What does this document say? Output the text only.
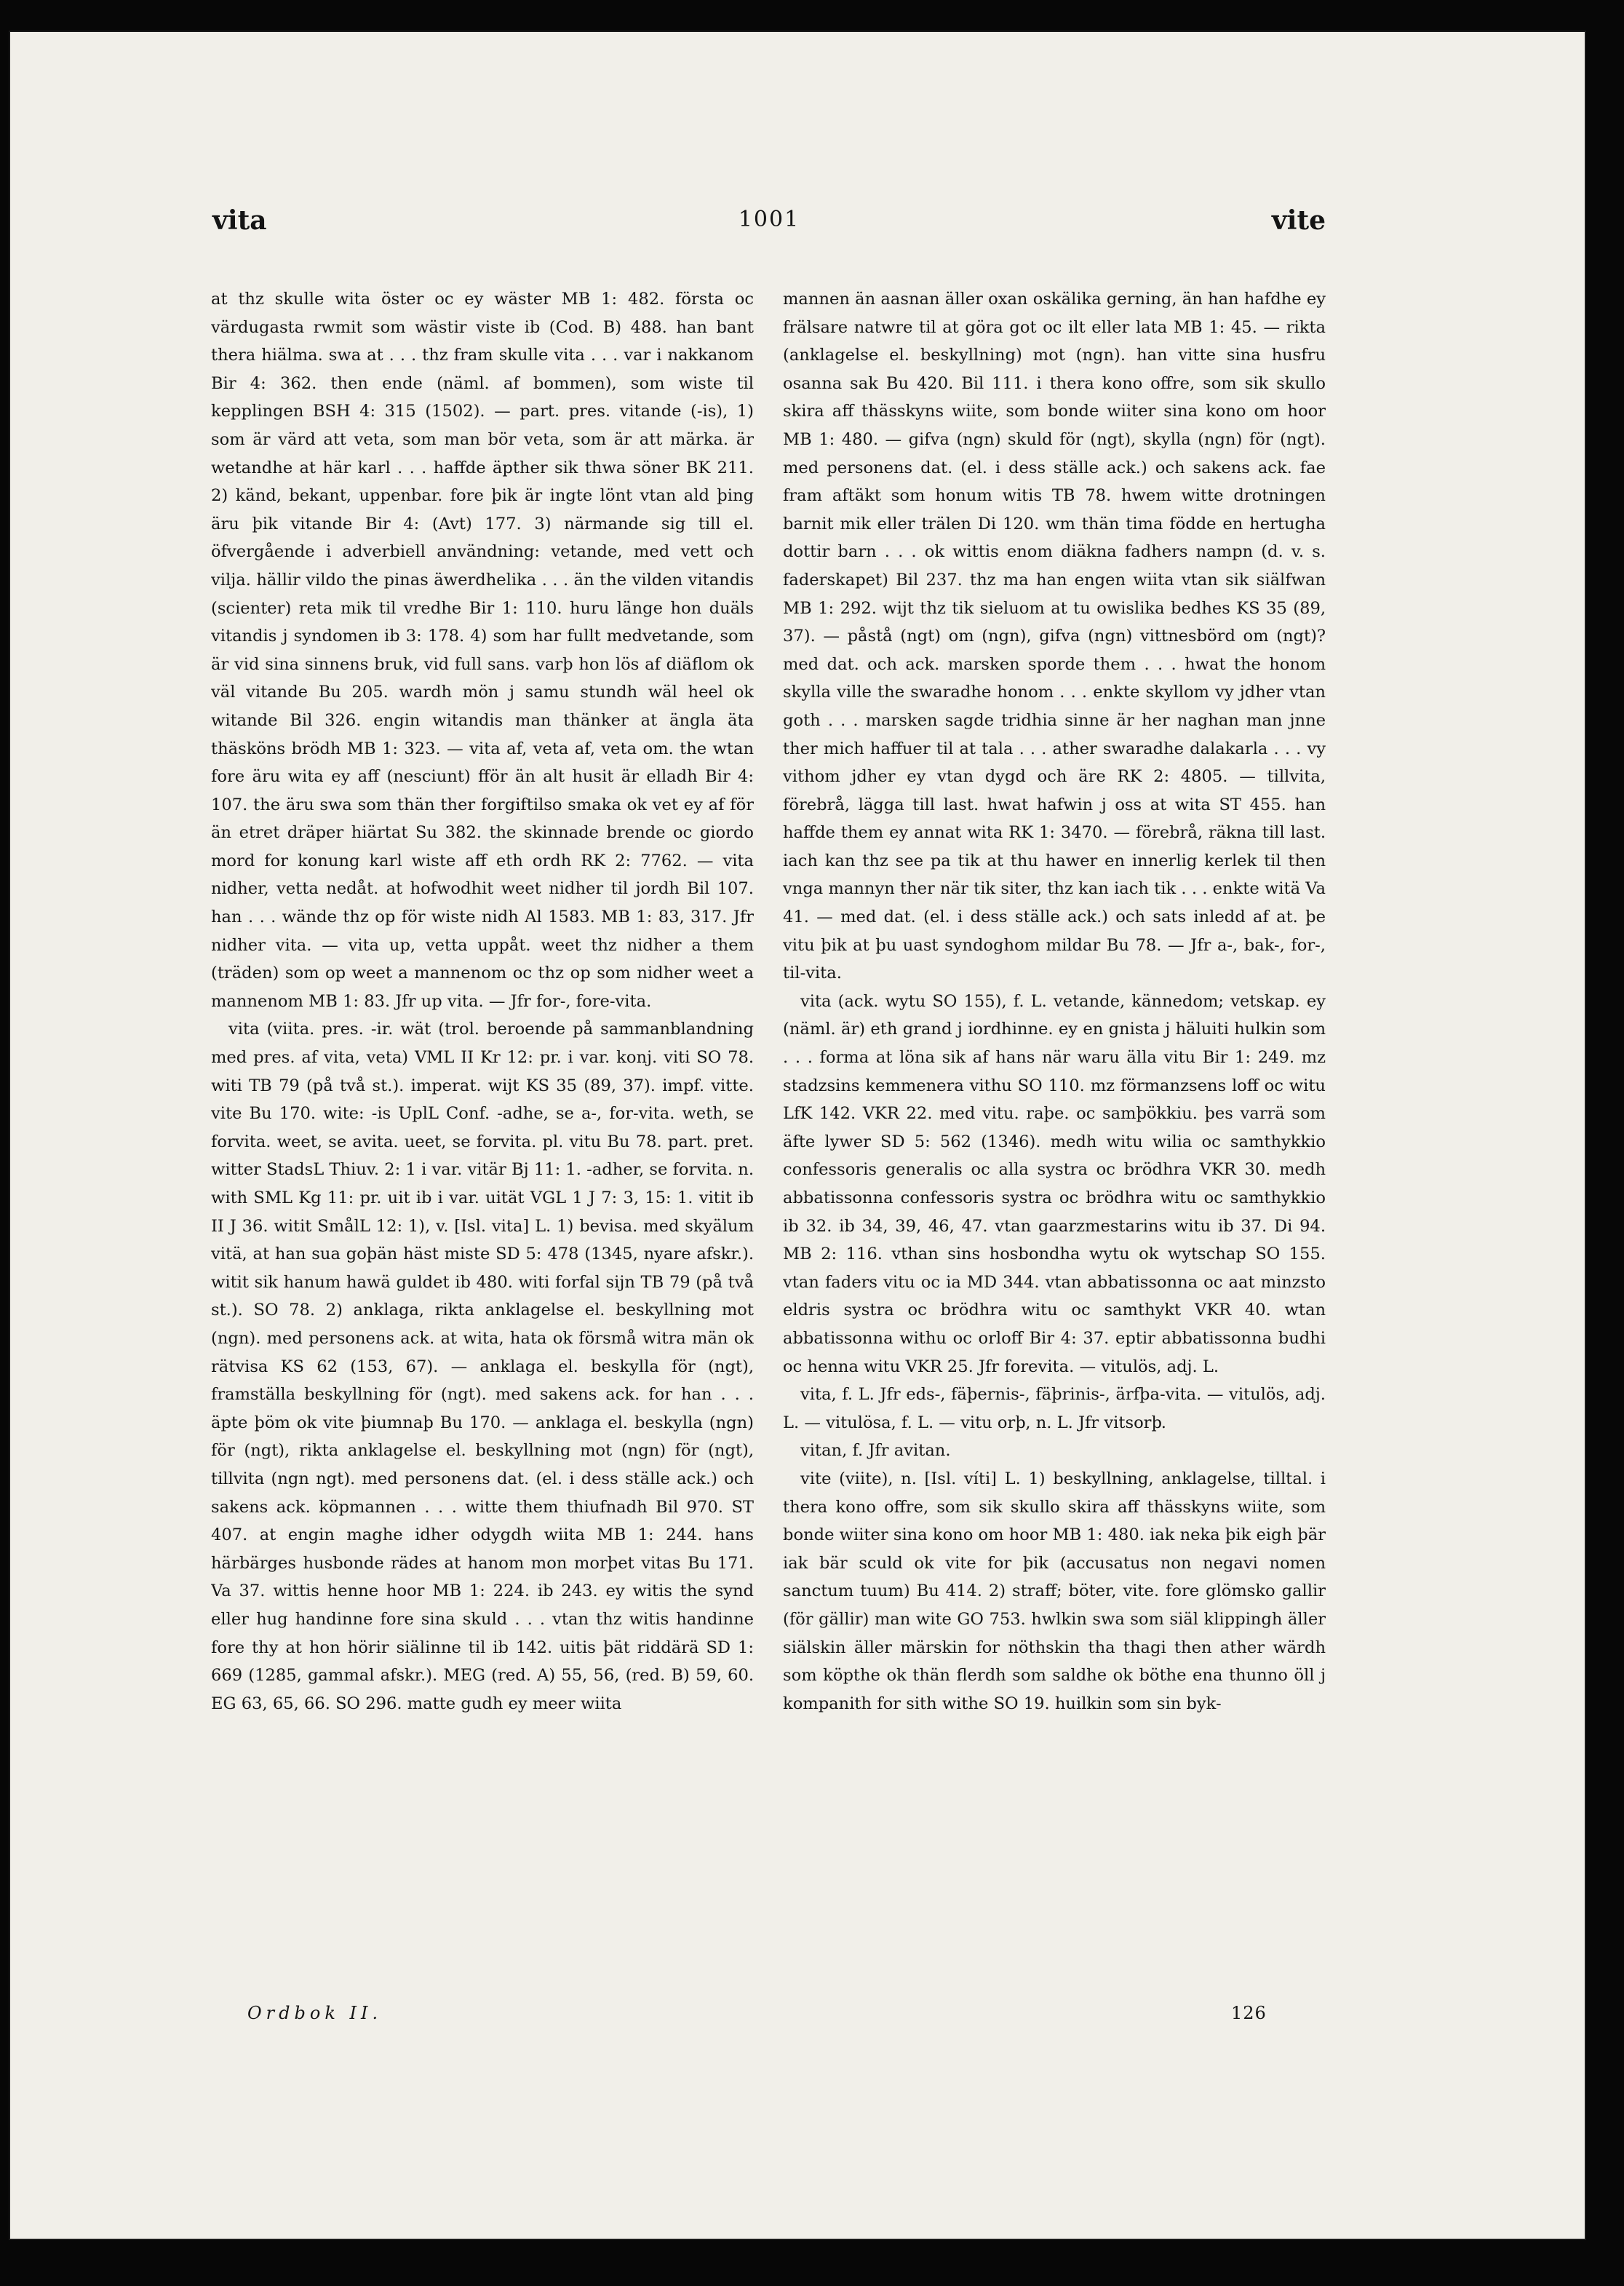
vita	1001	vite

at thz skulle wita öster oc ey wäster MB 1: 482. första oc värdugasta rwmit som wästir viste ib (Cod. B) 488. han bant thera hiälma. swa at . . . thz fram skulle vita . . . var i nakkanom Bir 4: 362. then ende (näml. af bommen), som wiste til kepplingen BSH 4: 315 (1502). — part. pres. vitande (-is), 1) som är värd att veta, som man bör veta, som är att märka. är wetandhe at här karl . . . haffde äpther sik thwa söner BK 211. 2) känd, bekant, uppenbar. fore þik är ingte lönt vtan ald þing äru þik vitande Bir 4: (Avt) 177. 3) närmande sig till el. öfvergående i adverbiell användning: vetande, med vett och vilja. hällir vildo the pinas äwerdhelika . . . än the vilden vitandis (scienter) reta mik til vredhe Bir 1: 110. huru länge hon duäls vitandis j syndomen ib 3: 178. 4) som har fullt medvetande, som är vid sina sinnens bruk, vid full sans. varþ hon lös af diäflom ok väl vitande Bu 205. wardh mön j samu stundh wäl heel ok witande Bil 326. engin witandis man thänker at ängla äta thäsköns brödh MB 1: 323. — vita af, veta af, veta om. the wtan fore äru wita ey aff (nesciunt) fför än alt husit är elladh Bir 4: 107. the äru swa som thän ther forgiftilso smaka ok vet ey af för än etret dräper hiärtat Su 382. the skinnade brende oc giordo mord for konung karl wiste aff eth ordh RK 2: 7762. — vita nidher, vetta nedåt. at hofwodhit weet nidher til jordh Bil 107. han . . . wände thz op för wiste nidh Al 1583. MB 1: 83, 317. Jfr nidher vita. — vita up, vetta uppåt. weet thz nidher a them (träden) som op weet a mannenom oc thz op som nidher weet a mannenom MB 1: 83. Jfr up vita. — Jfr for-, fore-vita.

vita (viita. pres. -ir. wät (trol. beroende på sammanblandning med pres. af vita, veta) VML II Kr 12: pr. i var. konj. viti SO 78. witi TB 79 (på två st.). imperat. wijt KS 35 (89, 37). impf. vitte. vite Bu 170. wite: -is UplL Conf. -adhe, se a-, for-vita. weth, se forvita. weet, se avita. ueet, se forvita. pl. vitu Bu 78. part. pret. witter StadsL Thiuv. 2: 1 i var. vitär Bj 11: 1. -adher, se forvita. n. with SML Kg 11: pr. uit ib i var. uität VGL 1 J 7: 3, 15: 1. vitit ib II J 36. witit SmålL 12: 1), v. [Isl. vita] L. 1) bevisa. med skyälum vitä, at han sua goþän häst miste SD 5: 478 (1345, nyare afskr.). witit sik hanum hawä guldet ib 480. witi forfal sijn TB 79 (på två st.). SO 78. 2) anklaga, rikta anklagelse el. beskyllning mot (ngn). med personens ack. at wita, hata ok försmå witra män ok rätvisa KS 62 (153, 67). — anklaga el. beskylla för (ngt), framställa beskyllning för (ngt). med sakens ack. for han . . . äpte þöm ok vite þiumnaþ Bu 170. — anklaga el. beskylla (ngn) för (ngt), rikta anklagelse el. beskyllning mot (ngn) för (ngt), tillvita (ngn ngt). med personens dat. (el. i dess ställe ack.) och sakens ack. köpmannen . . . witte them thiufnadh Bil 970. ST 407. at engin maghe idher odygdh wiita MB 1: 244. hans härbärges husbonde rädes at hanom mon morþet vitas Bu 171. Va 37. wittis henne hoor MB 1: 224. ib 243. ey witis the synd eller hug handinne fore sina skuld . . . vtan thz witis handinne fore thy at hon hörir siälinne til ib 142. uitis þät riddärä SD 1: 669 (1285, gammal afskr.). MEG (red. A) 55, 56, (red. B) 59, 60. EG 63, 65, 66. SO 296. matte gudh ey meer wiita

mannen än aasnan äller oxan oskälika gerning, än han hafdhe ey frälsare natwre til at göra got oc ilt eller lata MB 1: 45. — rikta (anklagelse el. beskyllning) mot (ngn). han vitte sina husfru osanna sak Bu 420. Bil 111. i thera kono offre, som sik skullo skira aff thässkyns wiite, som bonde wiiter sina kono om hoor MB 1: 480. — gifva (ngn) skuld för (ngt), skylla (ngn) för (ngt). med personens dat. (el. i dess ställe ack.) och sakens ack. fae fram aftäkt som honum witis TB 78. hwem witte drotningen barnit mik eller trälen Di 120. wm thän tima födde en hertugha dottir barn . . . ok wittis enom diäkna fadhers nampn (d. v. s. faderskapet) Bil 237. thz ma han engen wiita vtan sik siälfwan MB 1: 292. wijt thz tik sieluom at tu owislika bedhes KS 35 (89, 37). — påstå (ngt) om (ngn), gifva (ngn) vittnesbörd om (ngt)? med dat. och ack. marsken sporde them . . . hwat the honom skylla ville the swaradhe honom . . . enkte skyllom vy jdher vtan goth . . . marsken sagde tridhia sinne är her naghan man jnne ther mich haffuer til at tala . . . ather swaradhe dalakarla . . . vy vithom jdher ey vtan dygd och äre RK 2: 4805. — tillvita, förebrå, lägga till last. hwat hafwin j oss at wita ST 455. han haffde them ey annat wita RK 1: 3470. — förebrå, räkna till last. iach kan thz see pa tik at thu hawer en innerlig kerlek til then vnga mannyn ther när tik siter, thz kan iach tik . . . enkte witä Va 41. — med dat. (el. i dess ställe ack.) och sats inledd af at. þe vitu þik at þu uast syndoghom mildar Bu 78. — Jfr a-, bak-, for-, til-vita.

vita (ack. wytu SO 155), f. L. vetande, kännedom; vetskap. ey (näml. är) eth grand j iordhinne. ey en gnista j häluiti hulkin som . . . forma at löna sik af hans när waru älla vitu Bir 1: 249. mz stadzsins kemmenera vithu SO 110. mz förmanzsens loff oc witu LfK 142. VKR 22. med vitu. raþe. oc samþökkiu. þes varrä som äfte lywer SD 5: 562 (1346). medh witu wilia oc samthykkio confessoris generalis oc alla systra oc brödhra VKR 30. medh abbatissonna confessoris systra oc brödhra witu oc samthykkio ib 32. ib 34, 39, 46, 47. vtan gaarzmestarins witu ib 37. Di 94. MB 2: 116. vthan sins hosbondha wytu ok wytschap SO 155. vtan faders vitu oc ia MD 344. vtan abbatissonna oc aat minzsto eldris systra oc brödhra witu oc samthykt VKR 40. wtan abbatissonna withu oc orloff Bir 4: 37. eptir abbatissonna budhi oc henna witu VKR 25. Jfr forevita. — vitulös, adj. L.

vita, f. L. Jfr eds-, fäþernis-, fäþrinis-, ärfþa-vita. — vitulös, adj. L. — vitulösa, f. L. — vitu orþ, n. L. Jfr vitsorþ.

vitan, f. Jfr avitan.

vite (viite), n. [Isl. víti] L. 1) beskyllning, anklagelse, tilltal. i thera kono offre, som sik skullo skira aff thässkyns wiite, som bonde wiiter sina kono om hoor MB 1: 480. iak neka þik eigh þär iak bär sculd ok vite for þik (accusatus non negavi nomen sanctum tuum) Bu 414. 2) straff; böter, vite. fore glömsko gallir (för gällir) man wite GO 753. hwlkin swa som siäl klippingh äller siälskin äller märskin for nöthskin tha thagi then ather wärdh som köpthe ok thän flerdh som saldhe ok böthe ena thunno öll j kompanith for sith withe SO 19. huilkin som sin byk-

Ordbok II.	126
